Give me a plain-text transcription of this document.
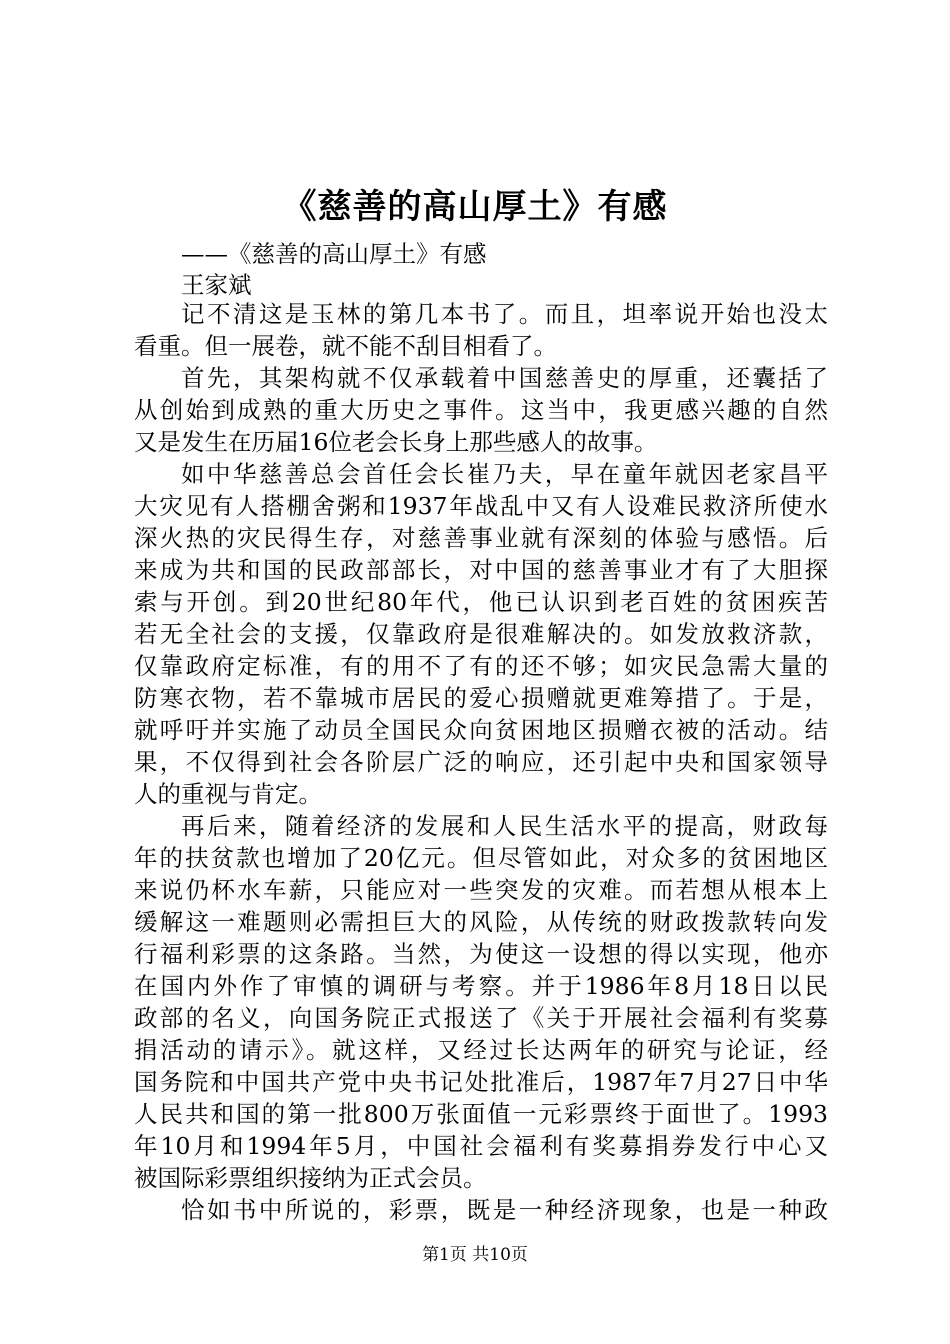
《慈善的高山厚土》有感
——《慈善的高山厚土》有感
王家斌
记不清这是玉林的第几本书了。而且，坦率说开始也没太
看重。但一展卷，就不能不刮目相看了。
首先，其架构就不仅承载着中国慈善史的厚重，还囊括了
从创始到成熟的重大历史之事件。这当中，我更感兴趣的自然
又是发生在历届16位老会长身上那些感人的故事。
如中华慈善总会首任会长崔乃夫，早在童年就因老家昌平
大灾见有人搭棚舍粥和1937年战乱中又有人设难民救济所使水
深火热的灾民得生存，对慈善事业就有深刻的体验与感悟。后
来成为共和国的民政部部长，对中国的慈善事业才有了大胆探
索与开创。到20世纪80年代，他已认识到老百姓的贫困疾苦
若无全社会的支援，仅靠政府是很难解决的。如发放救济款，
仅靠政府定标准，有的用不了有的还不够；如灾民急需大量的
防寒衣物，若不靠城市居民的爱心损赠就更难筹措了。于是，
就呼吁并实施了动员全国民众向贫困地区损赠衣被的活动。结
果，不仅得到社会各阶层广泛的响应，还引起中央和国家领导
人的重视与肯定。
再后来，随着经济的发展和人民生活水平的提高，财政每
年的扶贫款也增加了20亿元。但尽管如此，对众多的贫困地区
来说仍杯水车薪，只能应对一些突发的灾难。而若想从根本上
缓解这一难题则必需担巨大的风险，从传统的财政拨款转向发
行福利彩票的这条路。当然，为使这一设想的得以实现，他亦
在国内外作了审慎的调研与考察。并于1986年8月18日以民
政部的名义，向国务院正式报送了《关于开展社会福利有奖募
捐活动的请示》。就这样，又经过长达两年的研究与论证，经
国务院和中国共产党中央书记处批准后，1987年7月27日中华
人民共和国的第一批800万张面值一元彩票终于面世了。1993
年10月和1994年5月，中国社会福利有奖募捐券发行中心又
被国际彩票组织接纳为正式会员。
恰如书中所说的，彩票，既是一种经济现象，也是一种政
第1页 共10页
